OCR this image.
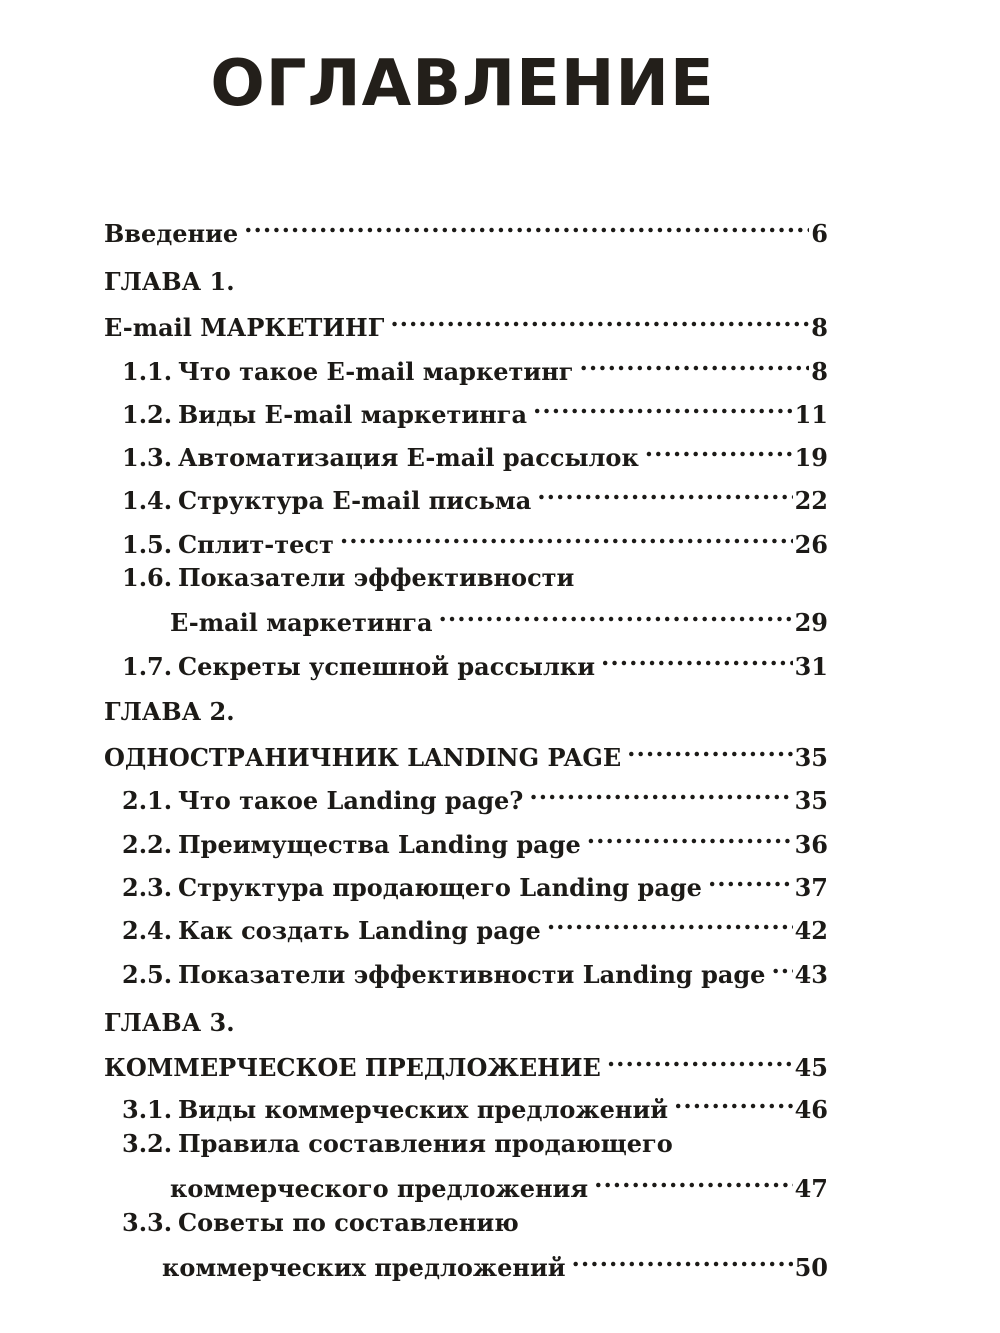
ОГЛАВЛЕНИЕ
Введение .....	6
ГЛАВА 1.
E-mail МАРКЕТИНГ .....	8
1.1. Что такое E-mail маркетинг .....	8
1.2. Виды E-mail маркетинга .....	11
1.3. Автоматизация E-mail рассылок .....	19
1.4. Структура E-mail письма .....	22
1.5. Сплит-тест .....	26
1.6. Показатели эффективности
E-mail маркетинга .....	29
1.7. Секреты успешной рассылки .....	31
ГЛАВА 2.
ОДНОСТРАНИЧНИК LANDING PAGE .....	35
2.1. Что такое Landing page? .....	35
2.2. Преимущества Landing page .....	36
2.3. Структура продающего Landing page .....	37
2.4. Как создать Landing page .....	42
2.5. Показатели эффективности Landing page ..... 43
ГЛАВА 3.
КОММЕРЧЕСКОЕ ПРЕДЛОЖЕНИЕ .....	45
3.1. Виды коммерческих предложений .....	46
3.2. Правила составления продающего
коммерческого предложения .....	47
3.3. Советы по составлению
коммерческих предложений .....	50
